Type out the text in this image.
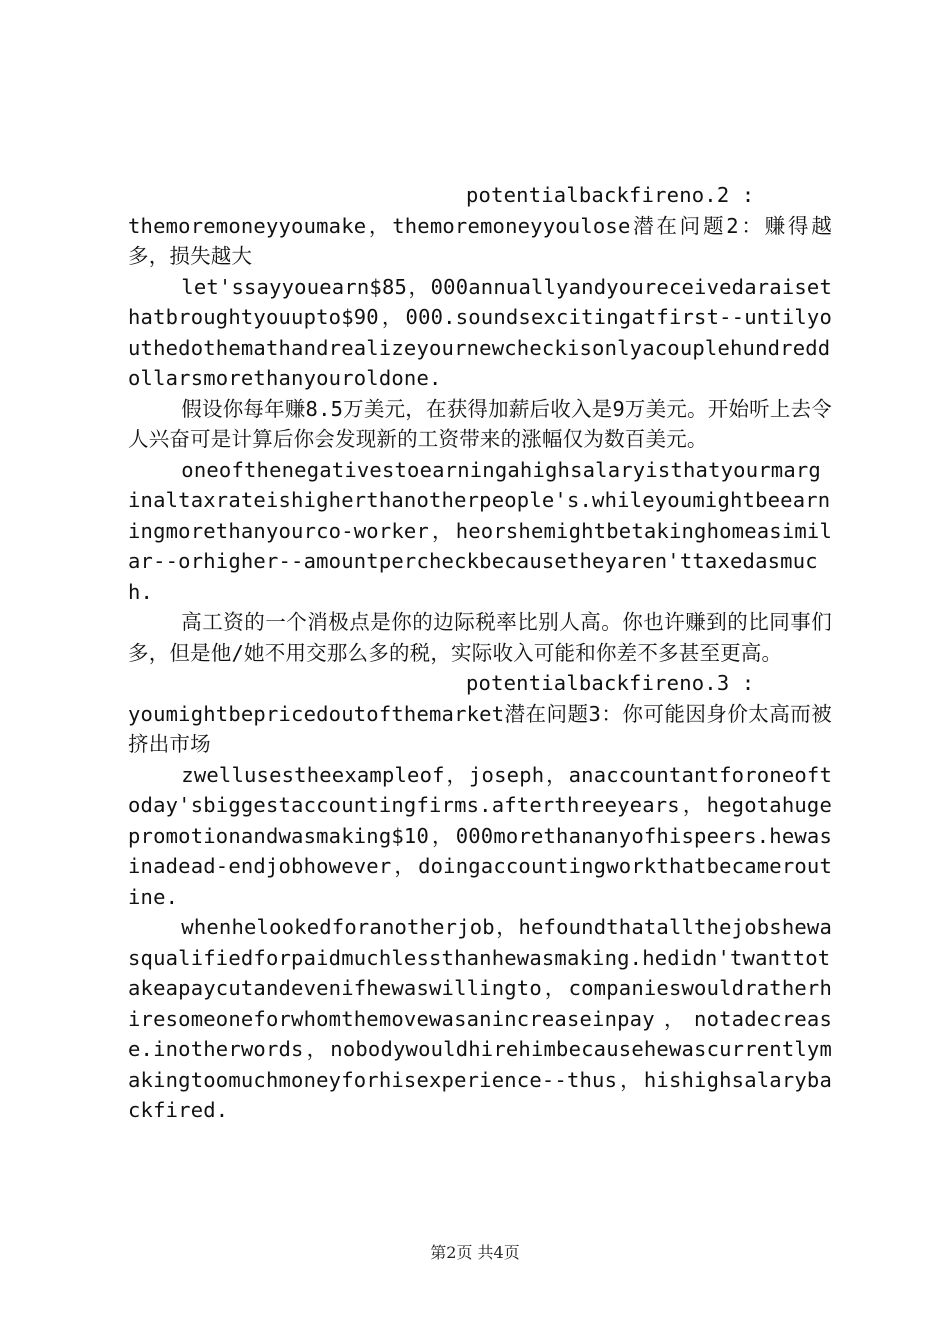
potentialbackfireno.2 :
themoremoneyyoumake，themoremoneyyoulose潜在问题2：赚得越多，损失越大

let'ssayyouearn$85，000annuallyandyoureceivedaraisethatbroughtyouupto$90，000.soundsexcitingatfirst--untilyouthedothemathandrealizeyournewcheckisonlyacouplehundreddollarsmorethanyouroldone.

假设你每年赚8.5万美元，在获得加薪后收入是9万美元。开始听上去令人兴奋可是计算后你会发现新的工资带来的涨幅仅为数百美元。

oneofthenegativestoearningahighsalaryisthatyourmarginaltaxrateishigherthanotherpeople's.whileyoumightbeearningmorethanyourco-worker，heorshemightbetakinghomeasimilar--orhigher--amountpercheckbecausetheyaren'ttaxedasmuch.

高工资的一个消极点是你的边际税率比别人高。你也许赚到的比同事们多，但是他/她不用交那么多的税，实际收入可能和你差不多甚至更高。

potentialbackfireno.3 :
youmightbepricedoutofthemarket潜在问题3：你可能因身价太高而被挤出市场

zwellusestheexampleof，joseph，anaccountantforoneoftoday'sbiggestaccountingfirms.afterthreeyears，hegotahugepromotionandwasmaking$10，000morethananyofhispeers.hewasinadead-endjobhowever，doingaccountingworkthatbecameroutine.

whenhelookedforanotherjob，hefoundthatallthejobshewasqualifiedforpaidmuchlessthanhewasmaking.hedidn'twanttotakeapaycutandevenifhewaswillingto，companieswouldratherhiresomeoneforwhomthemovewasanincreaseinpay，notadecrease.inotherwords，nobodywouldhirehimbecausehewascurrentlymakingtoomuchmoneyforhisexperience--thus，hishighsalarybackfired.

第2页 共4页
